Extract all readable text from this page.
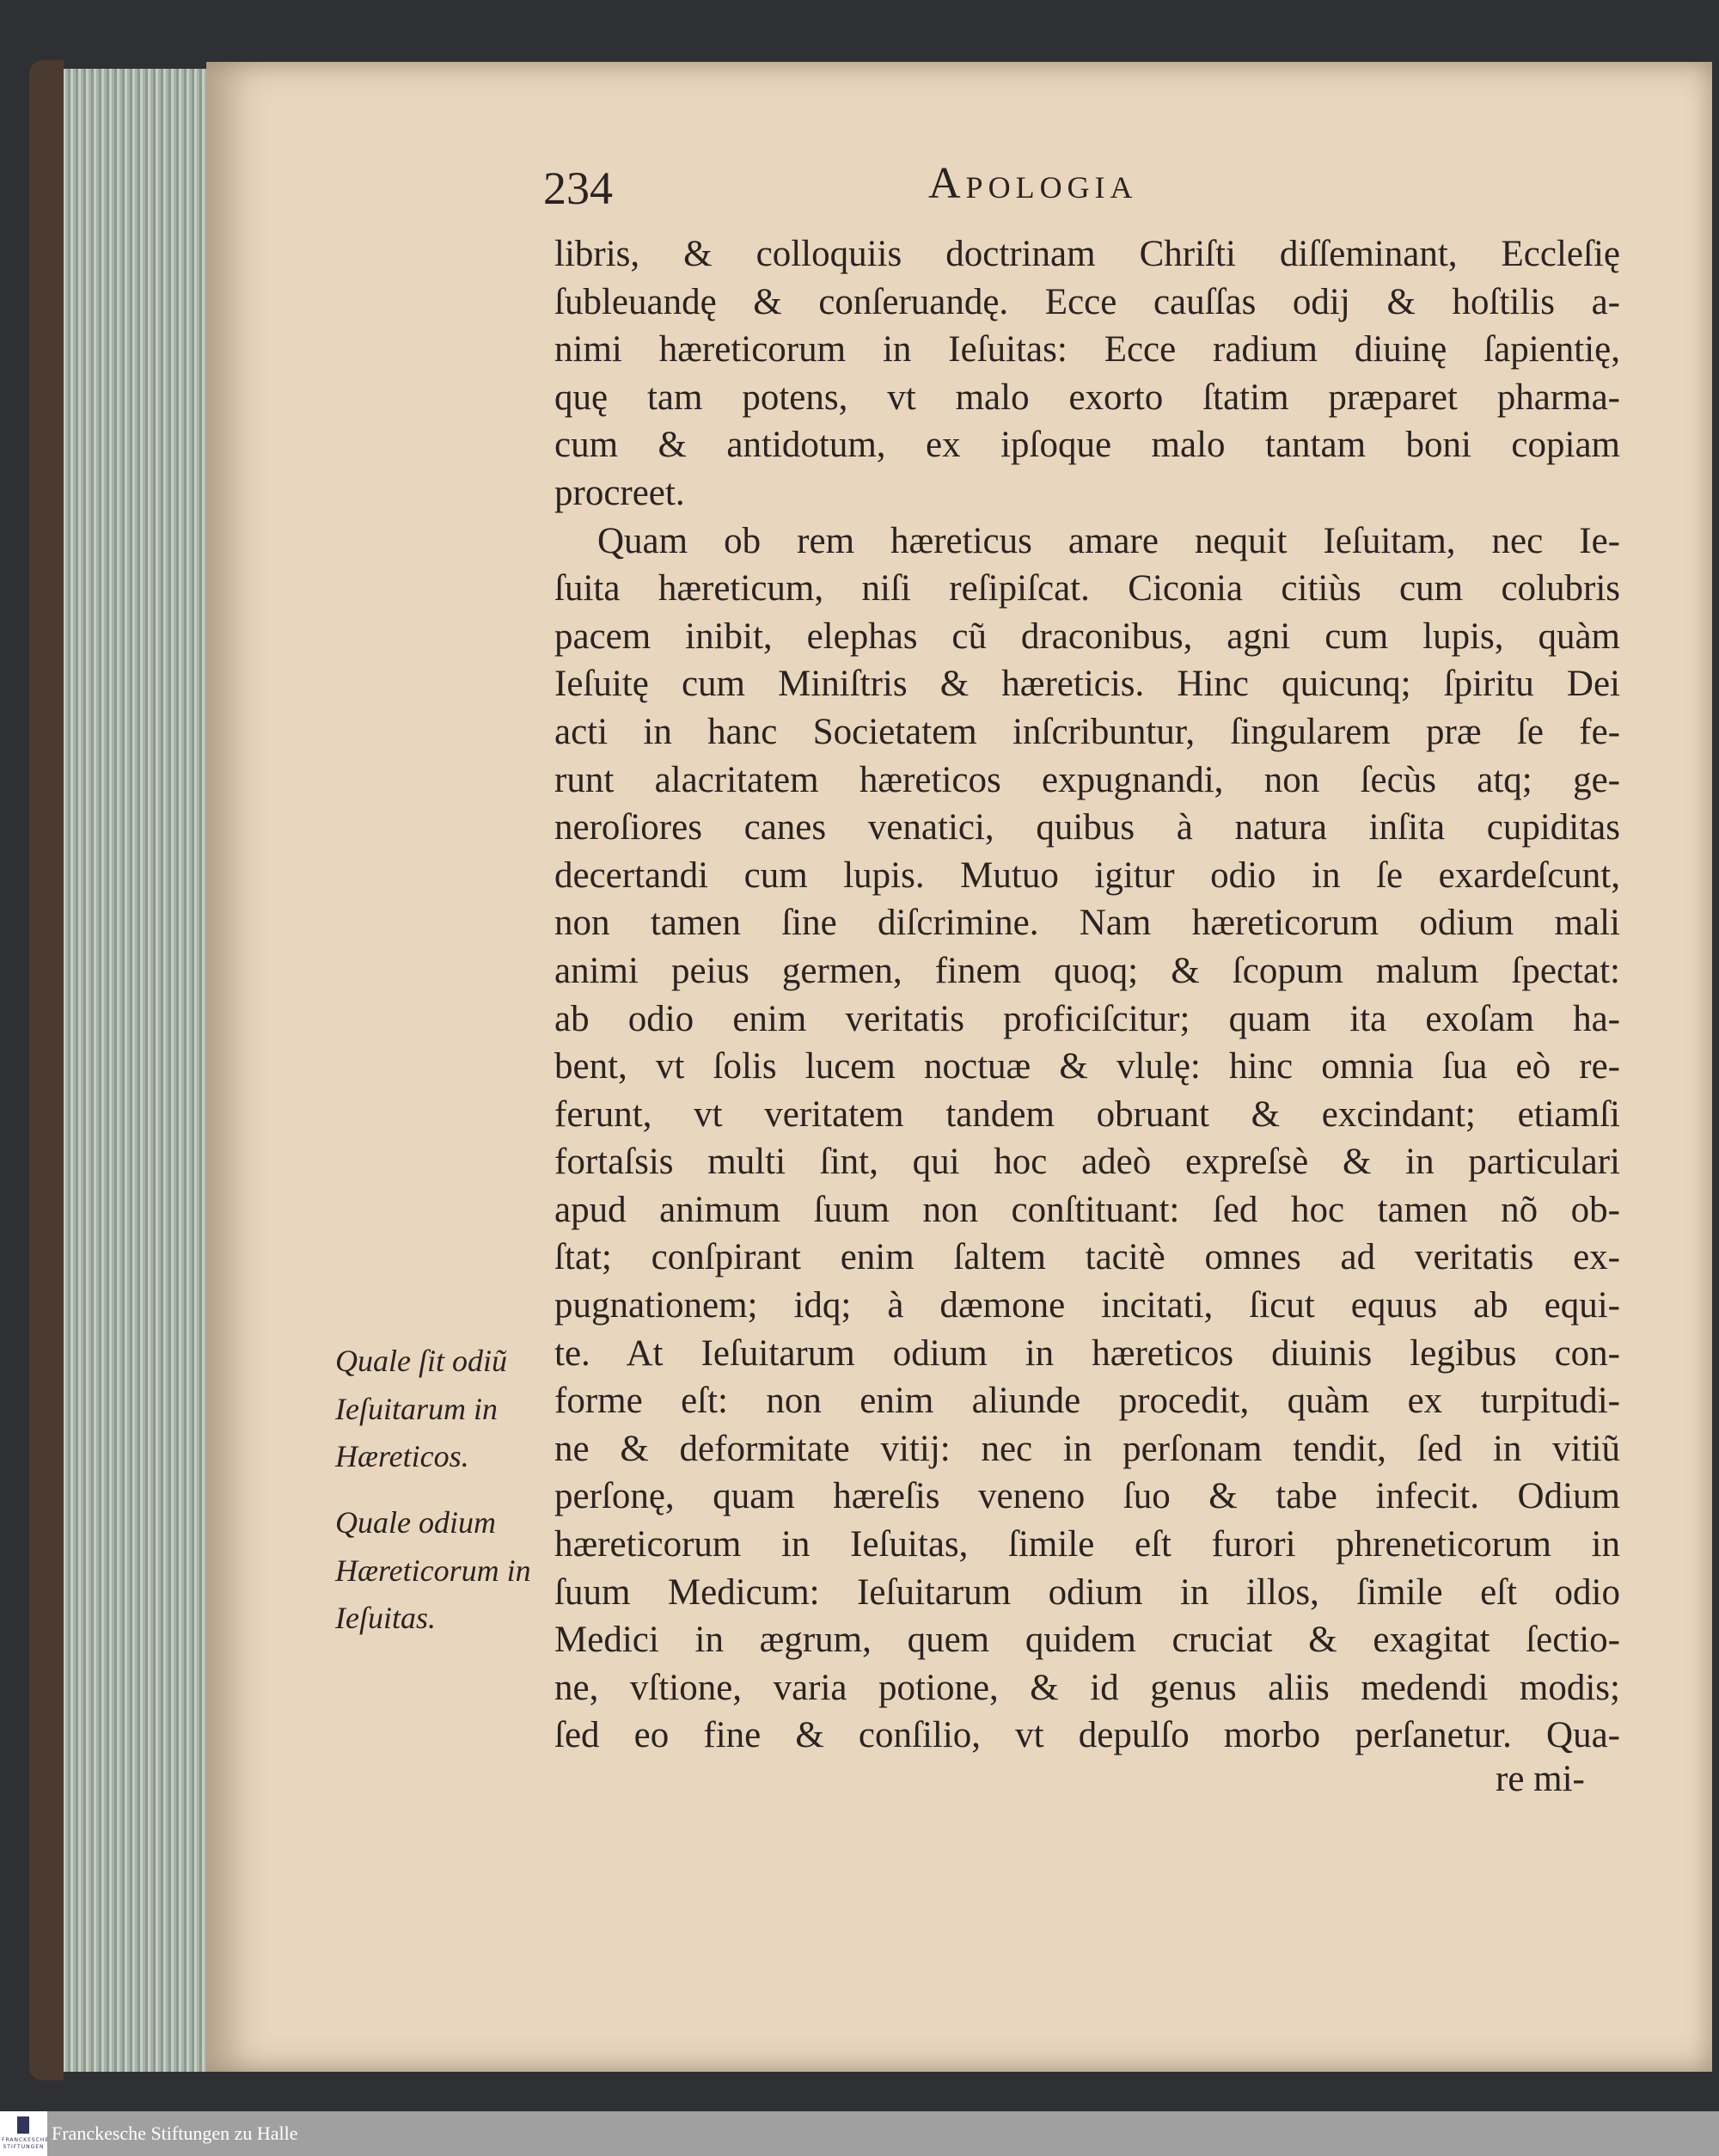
234	Apologia
libris, & colloquiis doctrinam Chriſti diſſeminant, Eccleſię
ſubleuandę & conſeruandę. Ecce cauſſas odij & hoſtilis a-
nimi hæreticorum in Ieſuitas: Ecce radium diuinę ſapientię,
quę tam potens, vt malo exorto ſtatim præparet pharma-
cum & antidotum, ex ipſoque malo tantam boni copiam
procreet.
Quam ob rem hæreticus amare nequit Ieſuitam, nec Ie-
ſuita hæreticum, niſi reſipiſcat. Ciconia citiùs cum colubris
pacem inibit, elephas cũ draconibus, agni cum lupis, quàm
Ieſuitę cum Miniſtris & hæreticis. Hinc quicunq; ſpiritu Dei
acti in hanc Societatem inſcribuntur, ſingularem præ ſe fe-
runt alacritatem hæreticos expugnandi, non ſecùs atq; ge-
neroſiores canes venatici, quibus à natura inſita cupiditas
decertandi cum lupis. Mutuo igitur odio in ſe exardeſcunt,
non tamen ſine diſcrimine. Nam hæreticorum odium mali
animi peius germen, finem quoq; & ſcopum malum ſpectat:
ab odio enim veritatis proficiſcitur; quam ita exoſam ha-
bent, vt ſolis lucem noctuæ & vlulę: hinc omnia ſua eò re-
ferunt, vt veritatem tandem obruant & excindant; etiamſi
fortaſsis multi ſint, qui hoc adeò expreſsè & in particulari
apud animum ſuum non conſtituant: ſed hoc tamen nõ ob-
ſtat; conſpirant enim ſaltem tacitè omnes ad veritatis ex-
pugnationem; idq; à dæmone incitati, ſicut equus ab equi-
te. At Ieſuitarum odium in hæreticos diuinis legibus con-
forme eſt: non enim aliunde procedit, quàm ex turpitudi-
ne & deformitate vitij: nec in perſonam tendit, ſed in vitiũ
perſonę, quam hæreſis veneno ſuo & tabe infecit. Odium
hæreticorum in Ieſuitas, ſimile eſt furori phreneticorum in
ſuum Medicum: Ieſuitarum odium in illos, ſimile eſt odio
Medici in ægrum, quem quidem cruciat & exagitat ſectio-
ne, vſtione, varia potione, & id genus aliis medendi modis;
ſed eo fine & conſilio, vt depulſo morbo perſanetur. Qua-
Quale ſit odiũ
Ieſuitarum in
Hæreticos.
Quale odium
Hæreticorum in
Ieſuitas.
re mi-
FRANCKESCHE STIFTUNGEN
Franckesche Stiftungen zu Halle
